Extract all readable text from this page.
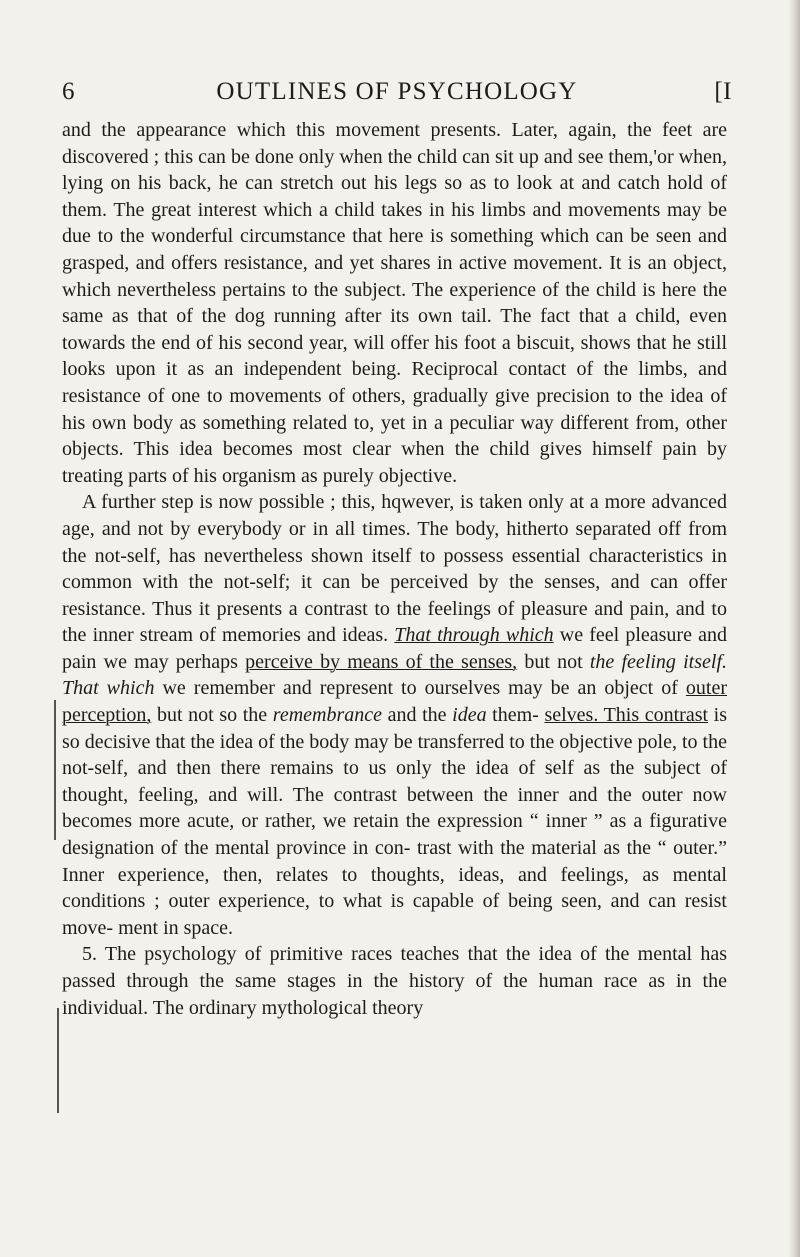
6	OUTLINES OF PSYCHOLOGY	[I

and the appearance which this movement presents. Later, again, the feet are discovered ; this can be done only when the child can sit up and see them,'or when, lying on his back, he can stretch out his legs so as to look at and catch hold of them. The great interest which a child takes in his limbs and movements may be due to the wonderful circumstance that here is something which can be seen and grasped, and offers resistance, and yet shares in active movement. It is an object, which nevertheless pertains to the subject. The experience of the child is here the same as that of the dog running after its own tail. The fact that a child, even towards the end of his second year, will offer his foot a biscuit, shows that he still looks upon it as an independent being. Reciprocal contact of the limbs, and resistance of one to movements of others, gradually give precision to the idea of his own body as something related to, yet in a peculiar way different from, other objects. This idea becomes most clear when the child gives himself pain by treating parts of his organism as purely objective.

A further step is now possible ; this, hqwever, is taken only at a more advanced age, and not by everybody or in all times. The body, hitherto separated off from the not-self, has nevertheless shown itself to possess essential characteristics in common with the not-self; it can be perceived by the senses, and can offer resistance. Thus it presents a contrast to the feelings of pleasure and pain, and to the inner stream of memories and ideas. That through which we feel pleasure and pain we may perhaps perceive by means of the senses, but not the feeling itself. That which we remember and represent to ourselves may be an object of outer perception, but not so the remembrance and the idea them- selves. This contrast is so decisive that the idea of the body may be transferred to the objective pole, to the not-self, and then there remains to us only the idea of self as the subject of thought, feeling, and will. The contrast between the inner and the outer now becomes more acute, or rather, we retain the expression “ inner ” as a figurative designation of the mental province in con- trast with the material as the “ outer.” Inner experience, then, relates to thoughts, ideas, and feelings, as mental conditions ; outer experience, to what is capable of being seen, and can resist move- ment in space.

5. The psychology of primitive races teaches that the idea of the mental has passed through the same stages in the history of the human race as in the individual. The ordinary mythological theory
